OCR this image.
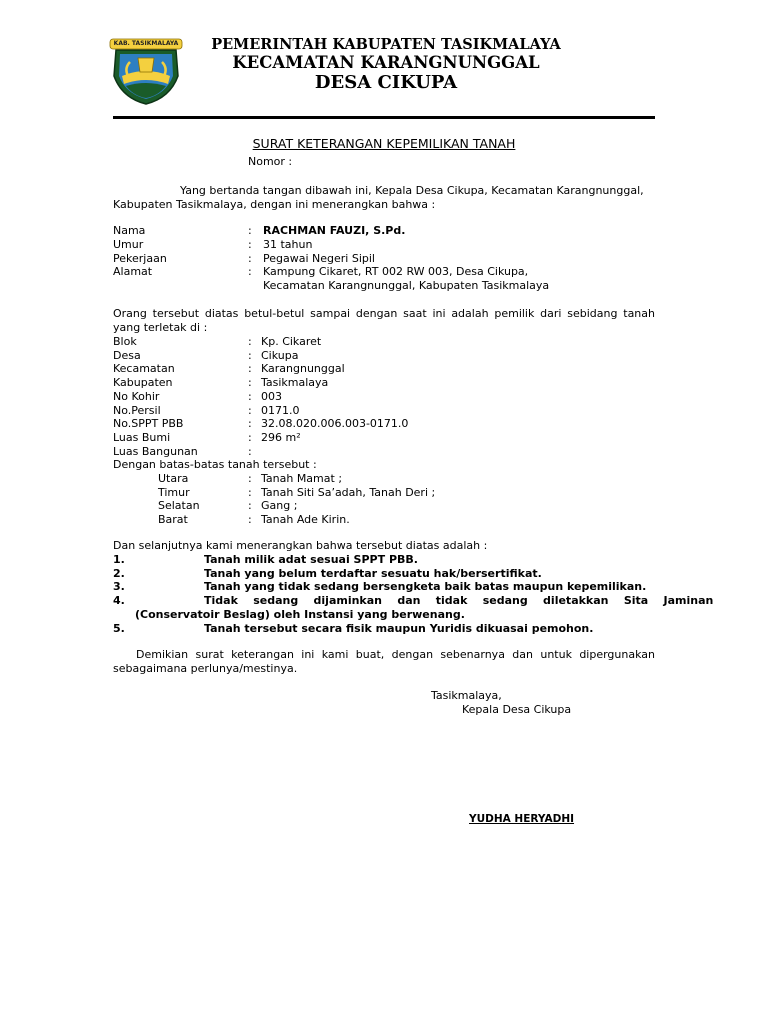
KAB. TASIKMALAYA	PEMERINTAH KABUPATEN TASIKMALAYA
KECAMATAN KARANGNUNGGAL
DESA CIKUPA
SURAT KETERANGAN KEPEMILIKAN TANAH
Nomor :
Yang bertanda tangan dibawah ini, Kepala Desa Cikupa, Kecamatan Karangnunggal,
Kabupaten Tasikmalaya, dengan ini menerangkan bahwa :
Nama	: RACHMAN FAUZI, S.Pd.
Umur	: 31 tahun
Pekerjaan	: Pegawai Negeri Sipil
Alamat	: Kampung Cikaret, RT 002 RW 003, Desa Cikupa,
Kecamatan Karangnunggal, Kabupaten Tasikmalaya
Orang tersebut diatas betul-betul sampai dengan saat ini adalah pemilik dari sebidang tanah
yang terletak di :
Blok	: Kp. Cikaret
Desa	: Cikupa
Kecamatan	: Karangnunggal
Kabupaten	: Tasikmalaya
No Kohir	: 003
No.Persil	: 0171.0
No.SPPT PBB	: 32.08.020.006.003-0171.0
Luas Bumi	: 296 m²
Luas Bangunan	:
Dengan batas-batas tanah tersebut :
Utara	: Tanah Mamat ;
Timur	: Tanah Siti Sa’adah, Tanah Deri ;
Selatan	: Gang ;
Barat	: Tanah Ade Kirin.
Dan selanjutnya kami menerangkan bahwa tersebut diatas adalah :
1.	Tanah milik adat sesuai SPPT PBB.
2.	Tanah yang belum terdaftar sesuatu hak/bersertifikat.
3.	Tanah yang tidak sedang bersengketa baik batas maupun kepemilikan.
4.	Tidak    sedang    dijaminkan    dan    tidak    sedang    diletakkan    Sita    Jaminan
(Conservatoir Beslag) oleh Instansi yang berwenang.
5.	Tanah tersebut secara fisik maupun Yuridis dikuasai pemohon.
Demikian surat keterangan ini kami buat, dengan sebenarnya dan untuk dipergunakan
sebagaimana perlunya/mestinya.
Tasikmalaya,
Kepala Desa Cikupa
YUDHA HERYADHI
